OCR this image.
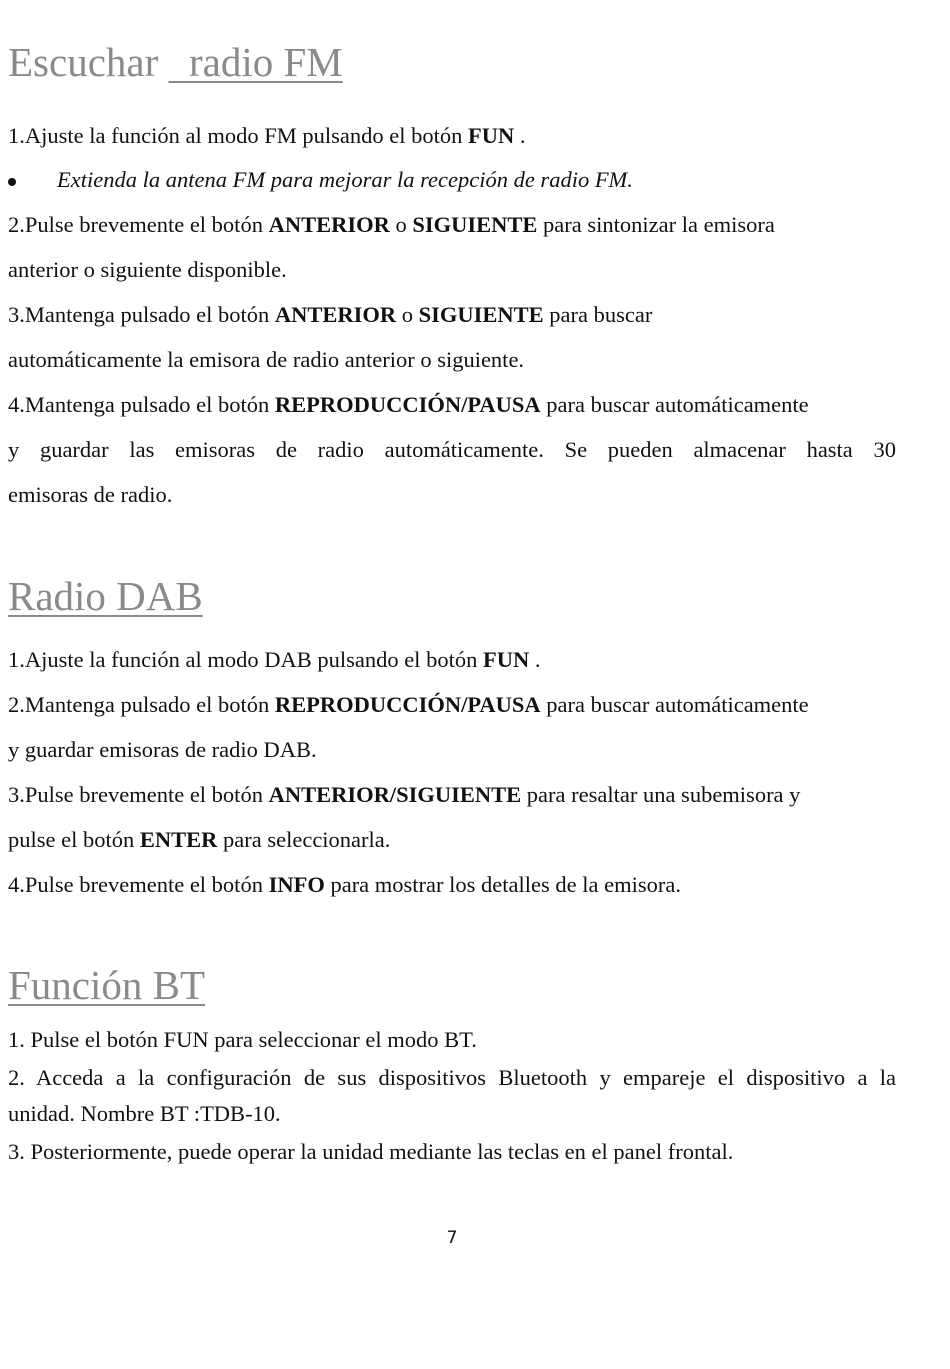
Escuchar   radio FM

1.Ajuste la función al modo FM pulsando el botón FUN .

Extienda la antena FM para mejorar la recepción de radio FM.

2.Pulse brevemente el botón ANTERIOR o SIGUIENTE para sintonizar la emisora

anterior o siguiente disponible.

3.Mantenga pulsado el botón ANTERIOR o SIGUIENTE para buscar

automáticamente la emisora de radio anterior o siguiente.

4.Mantenga pulsado el botón REPRODUCCIÓN/PAUSA para buscar automáticamente

y guardar las emisoras de radio automáticamente. Se pueden almacenar hasta 30

emisoras de radio.

Radio DAB

1.Ajuste la función al modo DAB pulsando el botón FUN .

2.Mantenga pulsado el botón REPRODUCCIÓN/PAUSA para buscar automáticamente

y guardar emisoras de radio DAB.

3.Pulse brevemente el botón ANTERIOR/SIGUIENTE para resaltar una subemisora y

pulse el botón ENTER para seleccionarla.

4.Pulse brevemente el botón INFO para mostrar los detalles de la emisora.

Función BT

1. Pulse el botón FUN para seleccionar el modo BT.

2. Acceda a la configuración de sus dispositivos Bluetooth y empareje el dispositivo a la

unidad. Nombre BT :TDB-10.

3. Posteriormente, puede operar la unidad mediante las teclas en el panel frontal.

7
